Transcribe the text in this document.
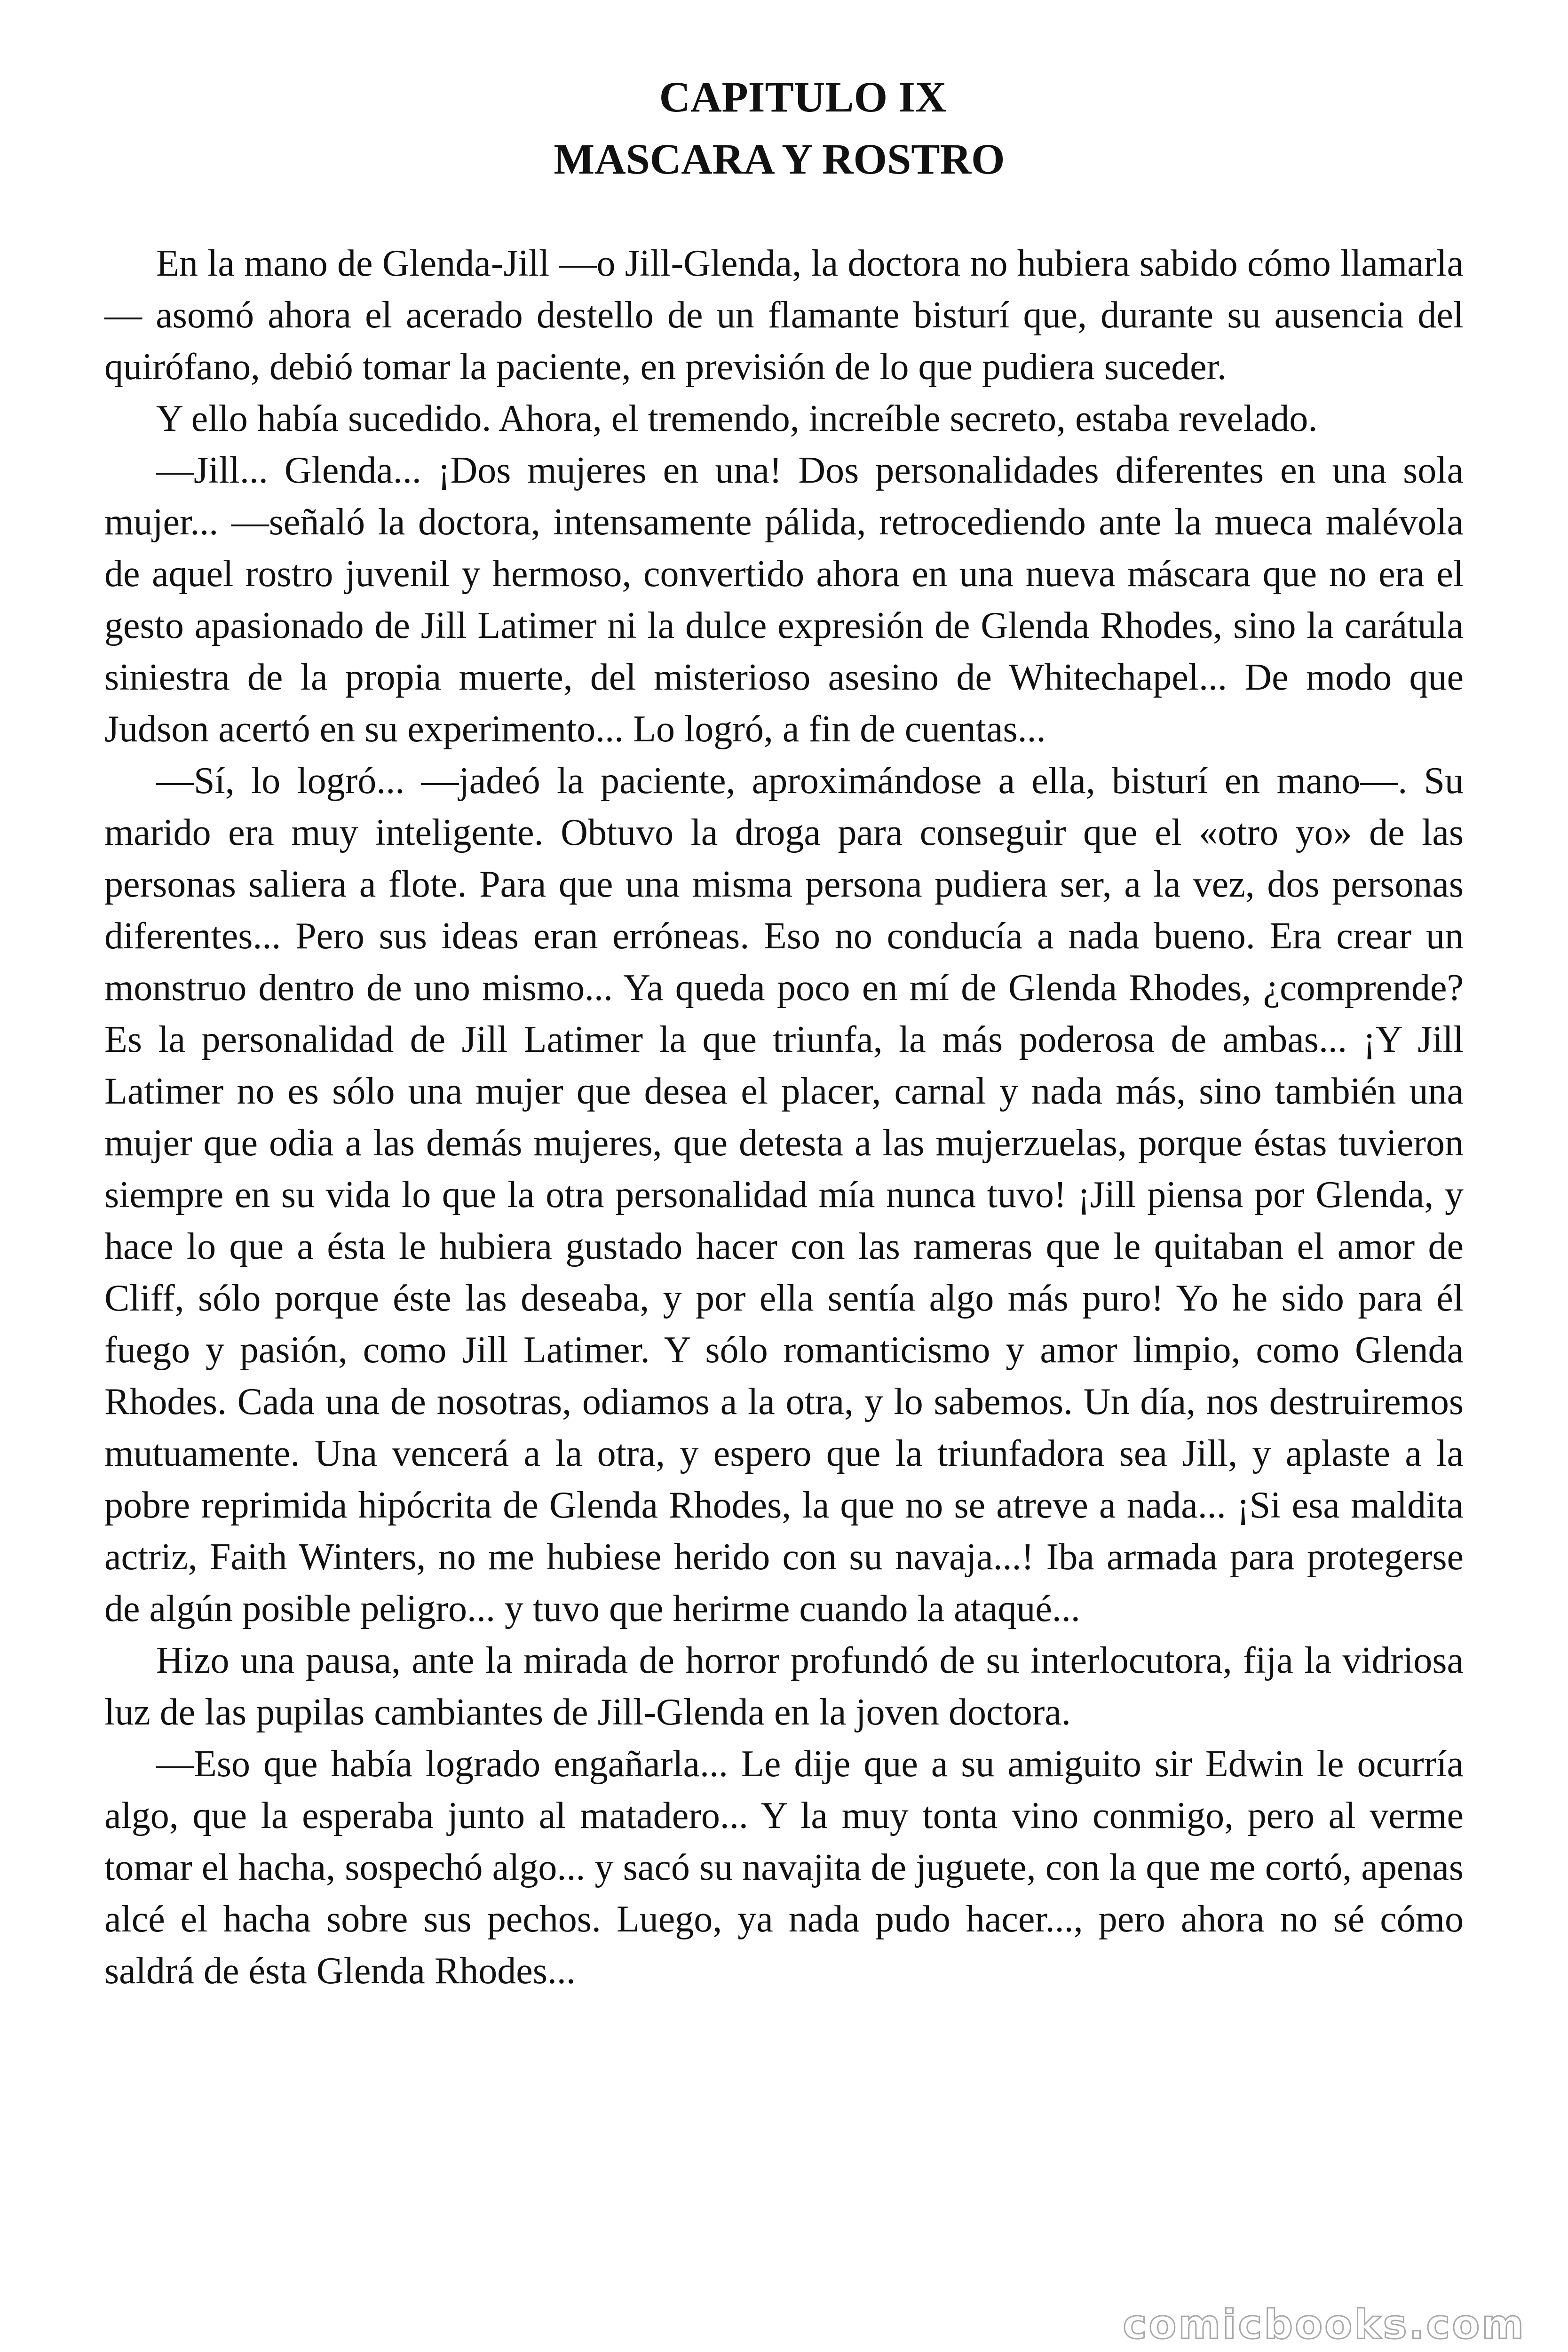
CAPITULO IX
MASCARA Y ROSTRO

En la mano de Glenda-Jill —o Jill-Glenda, la doctora no hubiera sabido cómo llamarla— asomó ahora el acerado destello de un flamante bisturí que, durante su ausencia del quirófano, debió tomar la paciente, en previsión de lo que pudiera suceder.

Y ello había sucedido. Ahora, el tremendo, increíble secreto, estaba revelado.

—Jill... Glenda... ¡Dos mujeres en una! Dos personalidades diferentes en una sola mujer... —señaló la doctora, intensamente pálida, retrocediendo ante la mueca malévola de aquel rostro juvenil y hermoso, convertido ahora en una nueva máscara que no era el gesto apasionado de Jill Latimer ni la dulce expresión de Glenda Rhodes, sino la carátula siniestra de la propia muerte, del misterioso asesino de Whitechapel... De modo que Judson acertó en su experimento... Lo logró, a fin de cuentas...

—Sí, lo logró... —jadeó la paciente, aproximándose a ella, bisturí en mano—. Su marido era muy inteligente. Obtuvo la droga para conseguir que el «otro yo» de las personas saliera a flote. Para que una misma persona pudiera ser, a la vez, dos personas diferentes... Pero sus ideas eran erróneas. Eso no conducía a nada bueno. Era crear un monstruo dentro de uno mismo... Ya queda poco en mí de Glenda Rhodes, ¿comprende? Es la personalidad de Jill Latimer la que triunfa, la más poderosa de ambas... ¡Y Jill Latimer no es sólo una mujer que desea el placer, carnal y nada más, sino también una mujer que odia a las demás mujeres, que detesta a las mujerzuelas, porque éstas tuvieron siempre en su vida lo que la otra personalidad mía nunca tuvo! ¡Jill piensa por Glenda, y hace lo que a ésta le hubiera gustado hacer con las rameras que le quitaban el amor de Cliff, sólo porque éste las deseaba, y por ella sentía algo más puro! Yo he sido para él fuego y pasión, como Jill Latimer. Y sólo romanticismo y amor limpio, como Glenda Rhodes. Cada una de nosotras, odiamos a la otra, y lo sabemos. Un día, nos destruiremos mutuamente. Una vencerá a la otra, y espero que la triunfadora sea Jill, y aplaste a la pobre reprimida hipócrita de Glenda Rhodes, la que no se atreve a nada... ¡Si esa maldita actriz, Faith Winters, no me hubiese herido con su navaja...! Iba armada para protegerse de algún posible peligro... y tuvo que herirme cuando la ataqué...

Hizo una pausa, ante la mirada de horror profundó de su interlocutora, fija la vidriosa luz de las pupilas cambiantes de Jill-Glenda en la joven doctora.

—Eso que había logrado engañarla... Le dije que a su amiguito sir Edwin le ocurría algo, que la esperaba junto al matadero... Y la muy tonta vino conmigo, pero al verme tomar el hacha, sospechó algo... y sacó su navajita de juguete, con la que me cortó, apenas alcé el hacha sobre sus pechos. Luego, ya nada pudo hacer..., pero ahora no sé cómo saldrá de ésta Glenda Rhodes...

comicbooks.com
